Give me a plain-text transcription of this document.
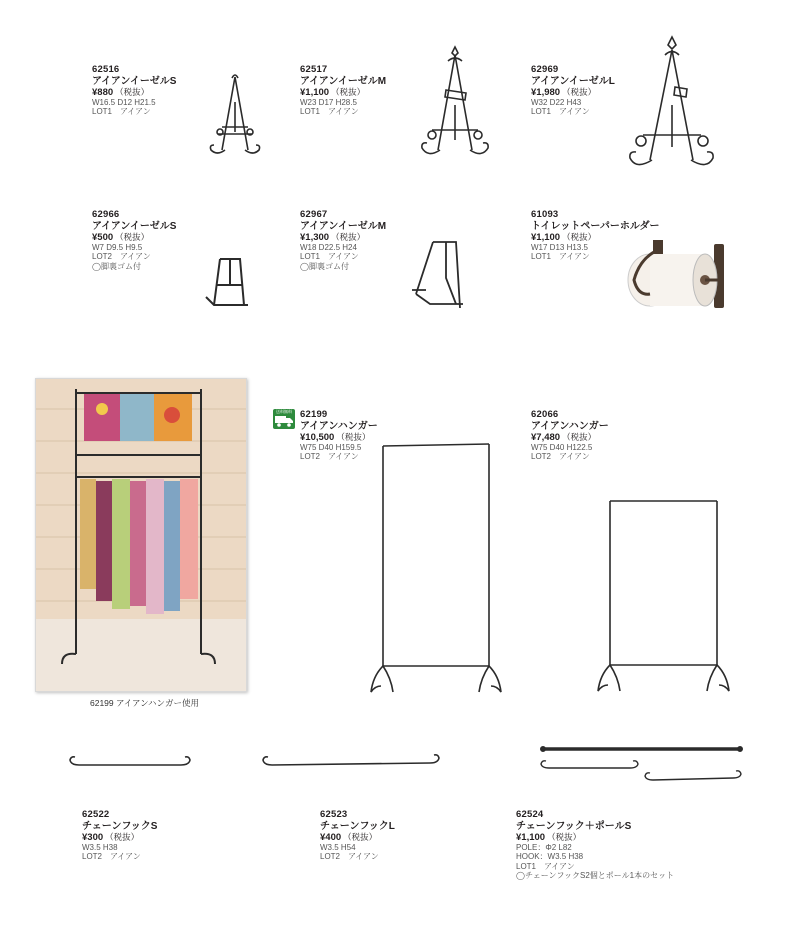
62516
アイアンイーゼルS
¥880 （税抜）
W16.5 D12 H21.5
LOT1　アイアン
62517
アイアンイーゼルM
¥1,100 （税抜）
W23 D17 H28.5
LOT1　アイアン
62969
アイアンイーゼルL
¥1,980 （税抜）
W32 D22 H43
LOT1　アイアン
62966
アイアンイーゼルS
¥500 （税抜）
W7 D9.5 H9.5
LOT2　アイアン
◯脚裏ゴム付
62967
アイアンイーゼルM
¥1,300 （税抜）
W18 D22.5 H24
LOT1　アイアン
◯脚裏ゴム付
61093
トイレットペーパーホルダー
¥1,100 （税抜）
W17 D13 H13.5
LOT1　アイアン
62199 アイアンハンガー使用
送料無料 62199
アイアンハンガー
¥10,500 （税抜）
W75 D40 H159.5
LOT2　アイアン
62066
アイアンハンガー
¥7,480 （税抜）
W75 D40 H122.5
LOT2　アイアン
62522
チェーンフックS
¥300 （税抜）
W3.5 H38
LOT2　アイアン
62523
チェーンフックL
¥400 （税抜）
W3.5 H54
LOT2　アイアン
62524
チェーンフック＋ポールS
¥1,100 （税抜）
POLE：Φ2 L82
HOOK：W3.5 H38
LOT1　アイアン
◯チェーンフックS2個とポール1本のセット
